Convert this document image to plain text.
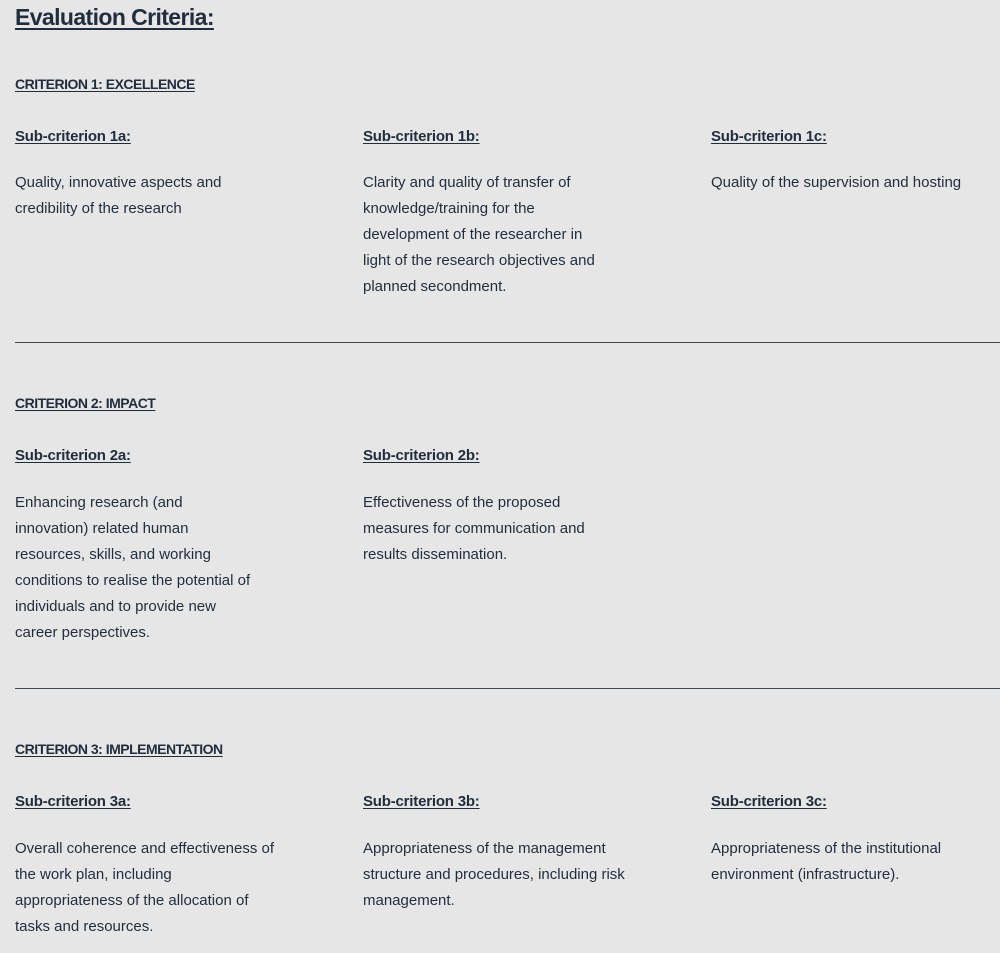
Evaluation Criteria:
CRITERION 1: EXCELLENCE
Sub-criterion 1a:
Quality, innovative aspects and credibility of the research
Sub-criterion 1b:
Clarity and quality of transfer of knowledge/training for the development of the researcher in light of the research objectives and planned secondment.
Sub-criterion 1c:
Quality of the supervision and hosting
CRITERION 2: IMPACT
Sub-criterion 2a:
Enhancing research (and innovation) related human resources, skills, and working conditions to realise the potential of individuals and to provide new career perspectives.
Sub-criterion 2b:
Effectiveness of the proposed measures for communication and results dissemination.
CRITERION 3: IMPLEMENTATION
Sub-criterion 3a:
Overall coherence and effectiveness of the work plan, including appropriateness of the allocation of tasks and resources.
Sub-criterion 3b:
Appropriateness of the management structure and procedures, including risk management.
Sub-criterion 3c:
Appropriateness of the institutional environment (infrastructure).
